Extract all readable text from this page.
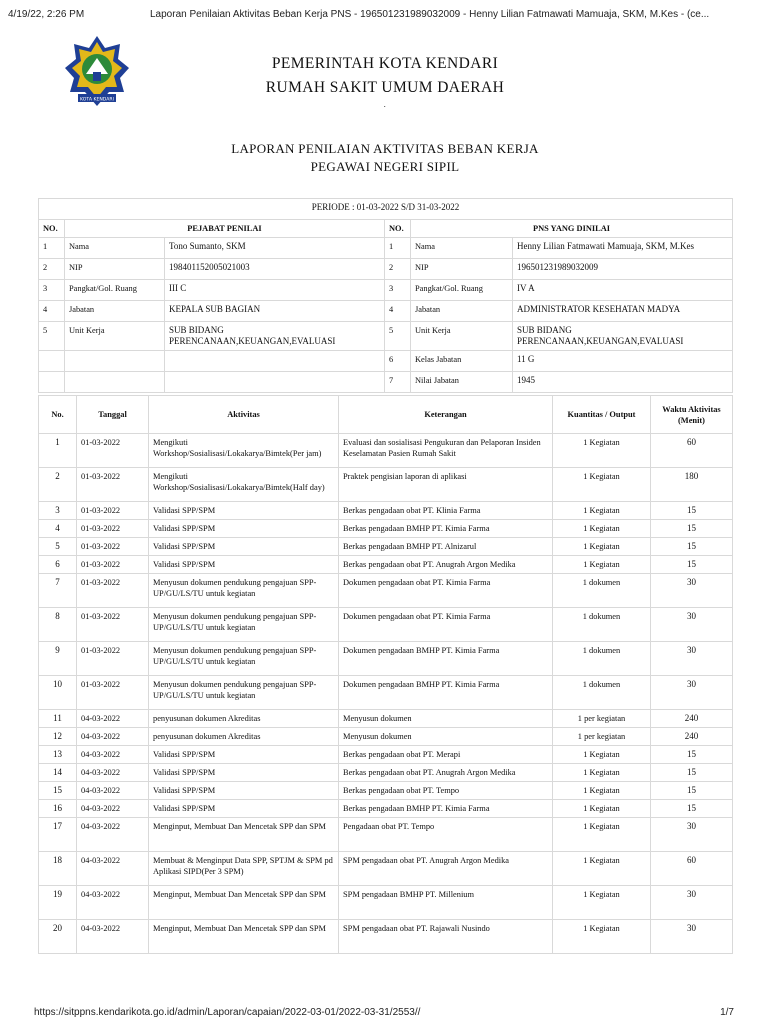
4/19/22, 2:26 PM	Laporan Penilaian Aktivitas Beban Kerja PNS - 196501231989032009 - Henny Lilian Fatmawati Mamuaja, SKM, M.Kes - (ce...
KOTA KENDARI
PEMERINTAH KOTA KENDARI
RUMAH SAKIT UMUM DAERAH
.
LAPORAN PENILAIAN AKTIVITAS BEBAN KERJA
PEGAWAI NEGERI SIPIL
PERIODE : 01-03-2022 S/D 31-03-2022					
NO.	PEJABAT PENILAI		NO.	PNS YANG DINILAI	
1	Nama	Tono Sumanto, SKM	1	Nama	Henny Lilian Fatmawati Mamuaja, SKM, M.Kes
2	NIP	198401152005021003	2	NIP	196501231989032009
3	Pangkat/Gol. Ruang	III C	3	Pangkat/Gol. Ruang	IV A
4	Jabatan	KEPALA SUB BAGIAN	4	Jabatan	ADMINISTRATOR KESEHATAN MADYA
5	Unit Kerja	SUB BIDANG PERENCANAAN,KEUANGAN,EVALUASI	5	Unit Kerja	SUB BIDANG PERENCANAAN,KEUANGAN,EVALUASI
			6	Kelas Jabatan	11 G
			7	Nilai Jabatan	1945
No.	Tanggal	Aktivitas	Keterangan	Kuantitas / Output	Waktu Aktivitas (Menit)
1	01-03-2022	Mengikuti Workshop/Sosialisasi/Lokakarya/Bimtek(Per jam)	Evaluasi dan sosialisasi Pengukuran dan Pelaporan Insiden Keselamatan Pasien Rumah Sakit	1 Kegiatan	60
2	01-03-2022	Mengikuti Workshop/Sosialisasi/Lokakarya/Bimtek(Half day)	Praktek pengisian laporan di aplikasi	1 Kegiatan	180
3	01-03-2022	Validasi SPP/SPM	Berkas pengadaan obat PT. Klinia Farma	1 Kegiatan	15
4	01-03-2022	Validasi SPP/SPM	Berkas pengadaan BMHP PT. Kimia Farma	1 Kegiatan	15
5	01-03-2022	Validasi SPP/SPM	Berkas pengadaan BMHP PT. Alnizarul	1 Kegiatan	15
6	01-03-2022	Validasi SPP/SPM	Berkas pengadaan obat PT. Anugrah Argon Medika	1 Kegiatan	15
7	01-03-2022	Menyusun dokumen pendukung pengajuan SPP-UP/GU/LS/TU untuk kegiatan	Dokumen pengadaan obat PT. Kimia Farma	1 dokumen	30
8	01-03-2022	Menyusun dokumen pendukung pengajuan SPP-UP/GU/LS/TU untuk kegiatan	Dokumen pengadaan obat PT. Kimia Farma	1 dokumen	30
9	01-03-2022	Menyusun dokumen pendukung pengajuan SPP-UP/GU/LS/TU untuk kegiatan	Dokumen pengadaan BMHP PT. Kimia Farma	1 dokumen	30
10	01-03-2022	Menyusun dokumen pendukung pengajuan SPP-UP/GU/LS/TU untuk kegiatan	Dokumen pengadaan BMHP PT. Kimia Farma	1 dokumen	30
11	04-03-2022	penyusunan dokumen Akreditas	Menyusun dokumen	1 per kegiatan	240
12	04-03-2022	penyusunan dokumen Akreditas	Menyusun dokumen	1 per kegiatan	240
13	04-03-2022	Validasi SPP/SPM	Berkas pengadaan obat PT. Merapi	1 Kegiatan	15
14	04-03-2022	Validasi SPP/SPM	Berkas pengadaan obat PT. Anugrah Argon Medika	1 Kegiatan	15
15	04-03-2022	Validasi SPP/SPM	Berkas pengadaan obat PT. Tempo	1 Kegiatan	15
16	04-03-2022	Validasi SPP/SPM	Berkas pengadaan BMHP PT. Kimia Farma	1 Kegiatan	15
17	04-03-2022	Menginput, Membuat Dan Mencetak SPP dan SPM	Pengadaan obat PT. Tempo	1 Kegiatan	30
18	04-03-2022	Membuat & Menginput Data SPP, SPTJM & SPM pd Aplikasi SIPD(Per 3 SPM)	SPM pengadaan obat PT. Anugrah Argon Medika	1 Kegiatan	60
19	04-03-2022	Menginput, Membuat Dan Mencetak SPP dan SPM	SPM pengadaan BMHP PT. Millenium	1 Kegiatan	30
20	04-03-2022	Menginput, Membuat Dan Mencetak SPP dan SPM	SPM pengadaan obat PT. Rajawali Nusindo	1 Kegiatan	30
https://sitppns.kendarikota.go.id/admin/Laporan/capaian/2022-03-01/2022-03-31/2553//	1/7
